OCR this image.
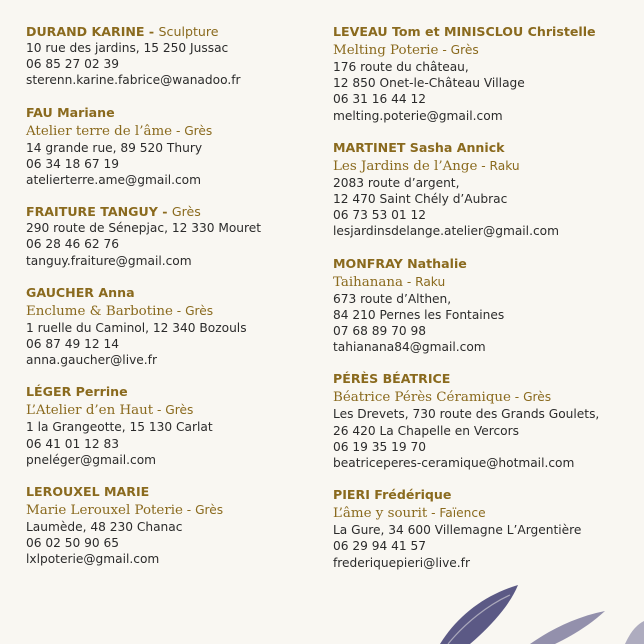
DURAND KARINE - Sculpture
10 rue des jardins, 15 250 Jussac
06 85 27 02 39
sterenn.karine.fabrice@wanadoo.fr
FAU Mariane
Atelier terre de l’âme - Grès
14 grande rue, 89 520 Thury
06 34 18 67 19
atelierterre.ame@gmail.com
FRAITURE TANGUY - Grès
290 route de Sénepjac, 12 330 Mouret
06 28 46 62 76
tanguy.fraiture@gmail.com
GAUCHER Anna
Enclume & Barbotine - Grès
1 ruelle du Caminol, 12 340 Bozouls
06 87 49 12 14
anna.gaucher@live.fr
LÉGER Perrine
L’Atelier d’en Haut - Grès
1 la Grangeotte, 15 130 Carlat
06 41 01 12 83
pneléger@gmail.com
LEROUXEL MARIE
Marie Lerouxel Poterie - Grès
Laumède, 48 230 Chanac
06 02 50 90 65
lxlpoterie@gmail.com
LEVEAU Tom et MINISCLOU Christelle
Melting Poterie - Grès
176 route du château,
12 850 Onet-le-Château Village
06 31 16 44 12
melting.poterie@gmail.com
MARTINET Sasha Annick
Les Jardins de l’Ange - Raku
2083 route d’argent,
12 470 Saint Chély d’Aubrac
06 73 53 01 12
lesjardinsdelange.atelier@gmail.com
MONFRAY Nathalie
Taihanana - Raku
673 route d’Althen,
84 210 Pernes les Fontaines
07 68 89 70 98
tahianana84@gmail.com
PÉRÈS BÉATRICE
Béatrice Pérès Céramique - Grès
Les Drevets, 730 route des Grands Goulets,
26 420 La Chapelle en Vercors
06 19 35 19 70
beatriceperes-ceramique@hotmail.com
PIERI Frédérique
L’âme y sourit - Faïence
La Gure, 34 600 Villemagne L’Argentière
06 29 94 41 57
frederiquepieri@live.fr
